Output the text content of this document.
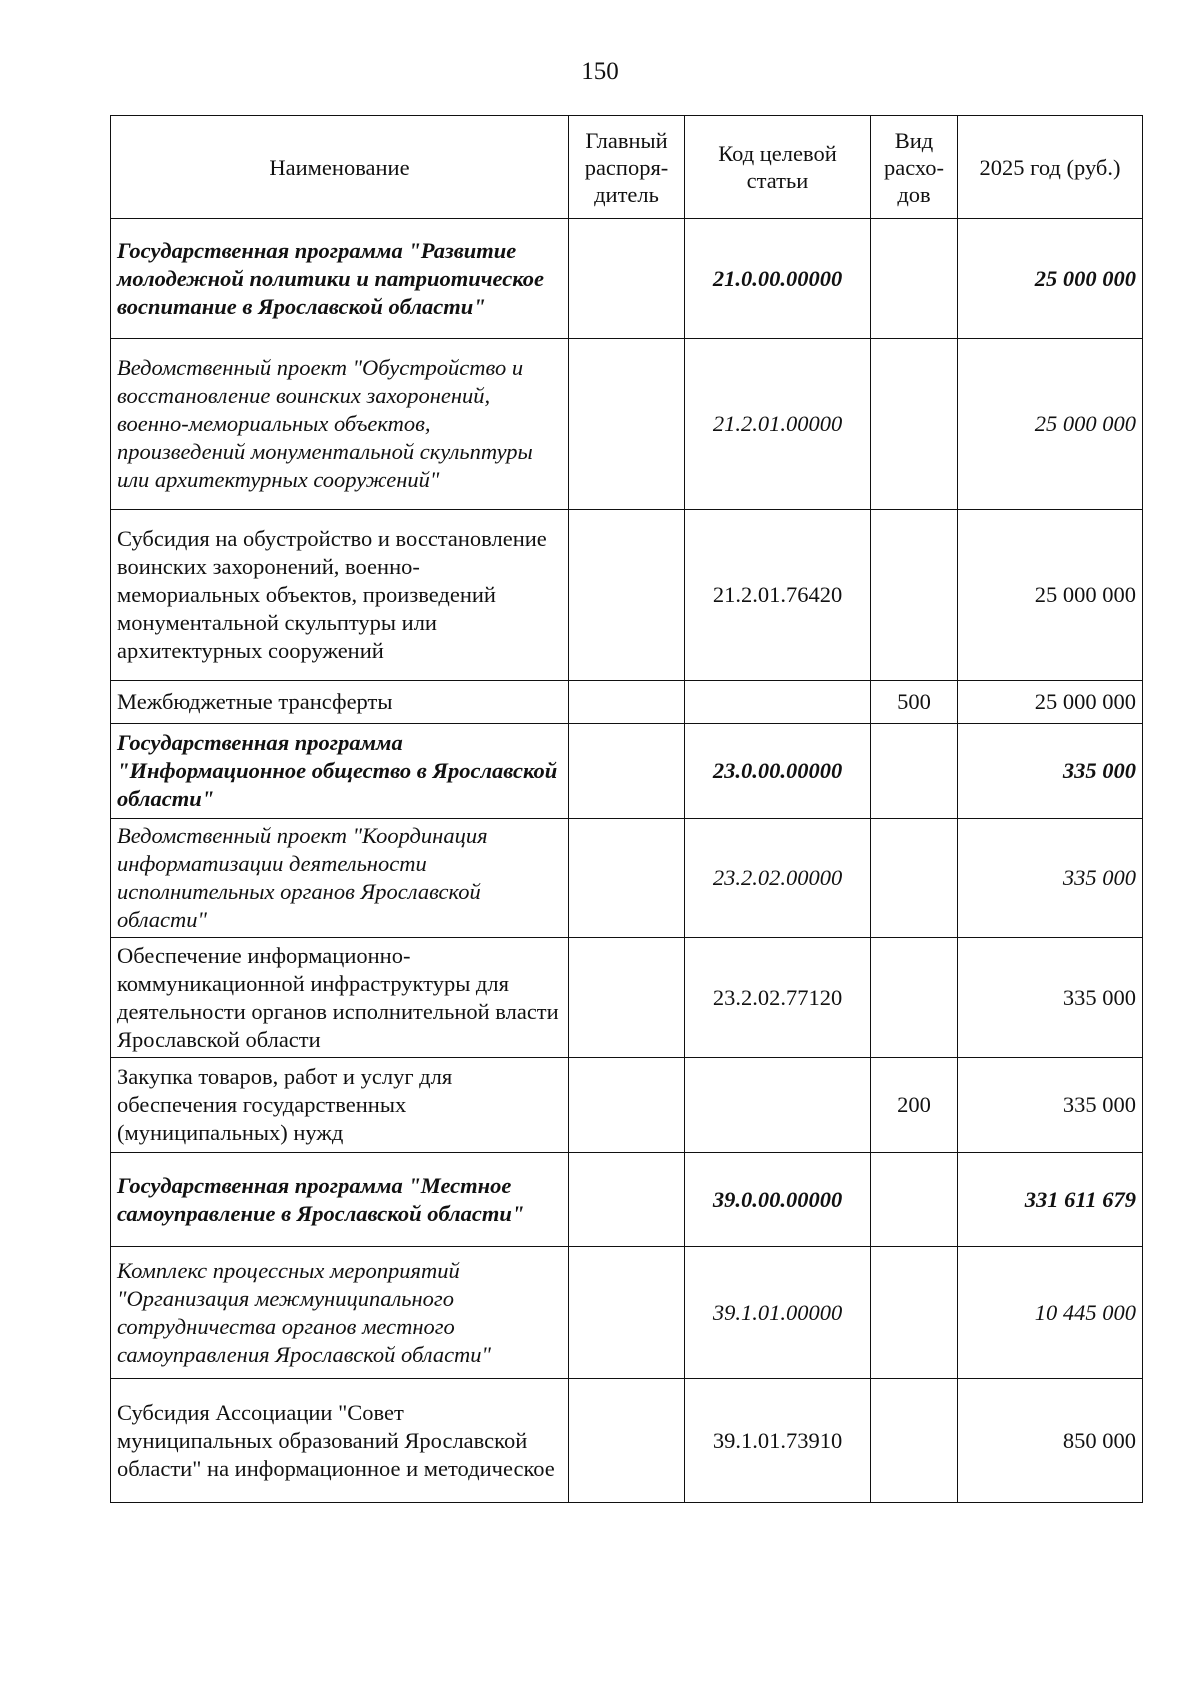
150
Наименование	Главный распоря-дитель	Код целевой статьи	Вид расхо-дов	2025 год (руб.)
Государственная программа "Развитие молодежной политики и патриотическое воспитание в Ярославской области"		21.0.00.00000		25 000 000
Ведомственный проект "Обустройство и восстановление воинских захоронений, военно-мемориальных объектов, произведений монументальной скульптуры или архитектурных сооружений"		21.2.01.00000		25 000 000
Субсидия на обустройство и восстановление воинских захоронений, военно-мемориальных объектов, произведений монументальной скульптуры или архитектурных сооружений		21.2.01.76420		25 000 000
Межбюджетные трансферты			500	25 000 000
Государственная программа "Информационное общество в Ярославской области"		23.0.00.00000		335 000
Ведомственный проект "Координация информатизации деятельности исполнительных органов Ярославской области"		23.2.02.00000		335 000
Обеспечение информационно-коммуникационной инфраструктуры для деятельности органов исполнительной власти Ярославской области		23.2.02.77120		335 000
Закупка товаров, работ и услуг для обеспечения государственных (муниципальных) нужд			200	335 000
Государственная программа "Местное самоуправление в Ярославской области"		39.0.00.00000		331 611 679
Комплекс процессных мероприятий "Организация межмуниципального сотрудничества органов местного самоуправления Ярославской области"		39.1.01.00000		10 445 000
Субсидия Ассоциации "Совет муниципальных образований Ярославской области" на информационное и методическое		39.1.01.73910		850 000
